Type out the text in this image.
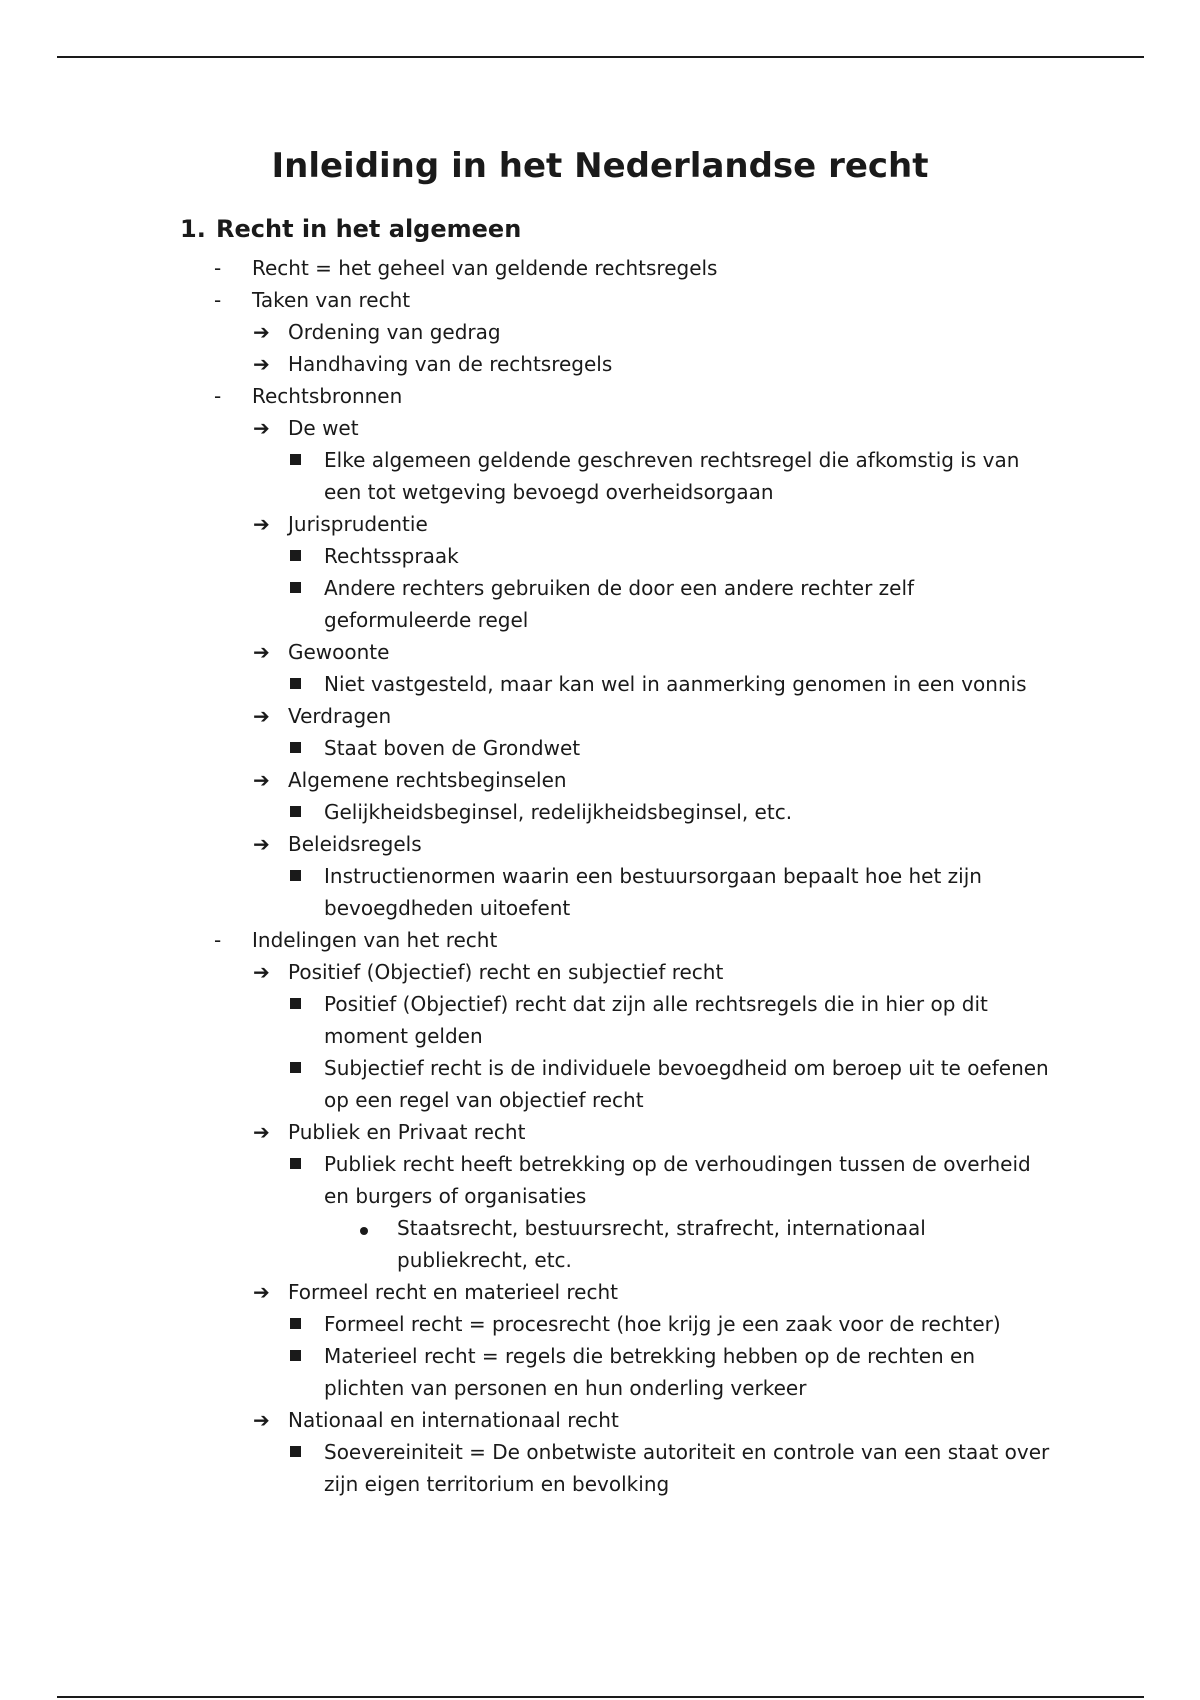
Inleiding in het Nederlandse recht
1. Recht in het algemeen
- Recht = het geheel van geldende rechtsregels
- Taken van recht
➔ Ordening van gedrag
➔ Handhaving van de rechtsregels
- Rechtsbronnen
➔ De wet
Elke algemeen geldende geschreven rechtsregel die afkomstig is van een tot wetgeving bevoegd overheidsorgaan
➔ Jurisprudentie
Rechtsspraak
Andere rechters gebruiken de door een andere rechter zelf geformuleerde regel
➔ Gewoonte
Niet vastgesteld, maar kan wel in aanmerking genomen in een vonnis
➔ Verdragen
Staat boven de Grondwet
➔ Algemene rechtsbeginselen
Gelijkheidsbeginsel, redelijkheidsbeginsel, etc.
➔ Beleidsregels
Instructienormen waarin een bestuursorgaan bepaalt hoe het zijn bevoegdheden uitoefent
- Indelingen van het recht
➔ Positief (Objectief) recht en subjectief recht
Positief (Objectief) recht dat zijn alle rechtsregels die in hier op dit moment gelden
Subjectief recht is de individuele bevoegdheid om beroep uit te oefenen op een regel van objectief recht
➔ Publiek en Privaat recht
Publiek recht heeft betrekking op de verhoudingen tussen de overheid en burgers of organisaties
Staatsrecht, bestuursrecht, strafrecht, internationaal publiekrecht, etc.
➔ Formeel recht en materieel recht
Formeel recht = procesrecht (hoe krijg je een zaak voor de rechter)
Materieel recht = regels die betrekking hebben op de rechten en plichten van personen en hun onderling verkeer
➔ Nationaal en internationaal recht
Soevereiniteit = De onbetwiste autoriteit en controle van een staat over zijn eigen territorium en bevolking
